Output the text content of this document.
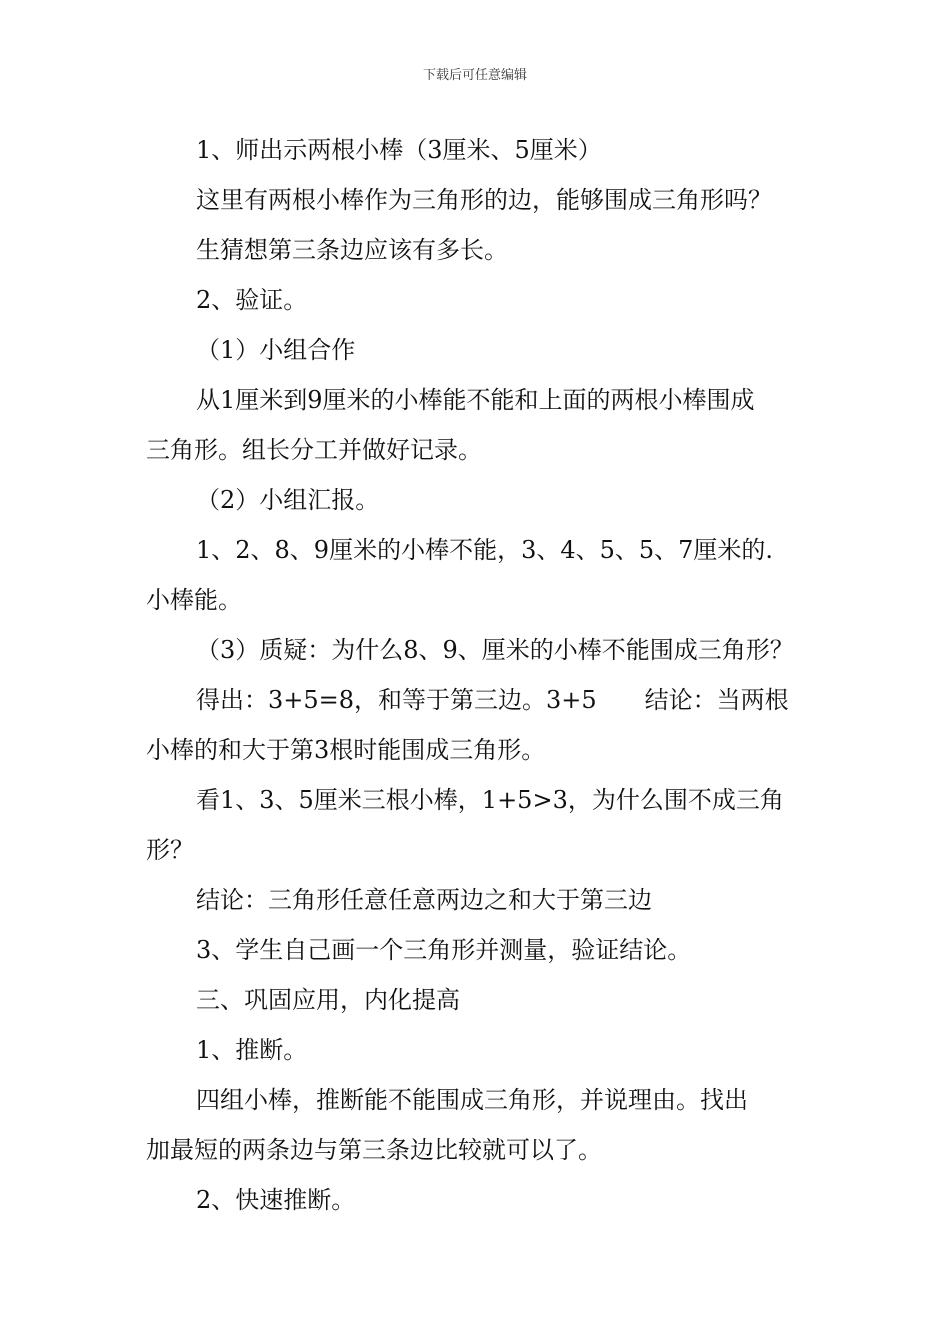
下载后可任意编辑
1、师出示两根小棒（3厘米、5厘米）
这里有两根小棒作为三角形的边，能够围成三角形吗？
生猜想第三条边应该有多长。
2、验证。
（1）小组合作
从1厘米到9厘米的小棒能不能和上面的两根小棒围成
三角形。组长分工并做好记录。
（2）小组汇报。
1、2、8、9厘米的小棒不能，3、4、5、5、7厘米的.
小棒能。
（3）质疑：为什么8、9、厘米的小棒不能围成三角形？
得出：3+5=8，和等于第三边。3+5　　结论：当两根
小棒的和大于第3根时能围成三角形。
看1、3、5厘米三根小棒，1+5>3，为什么围不成三角
形？
结论：三角形任意任意两边之和大于第三边
3、学生自己画一个三角形并测量，验证结论。
三、巩固应用，内化提高
1、推断。
四组小棒，推断能不能围成三角形，并说理由。找出
加最短的两条边与第三条边比较就可以了。
2、快速推断。
